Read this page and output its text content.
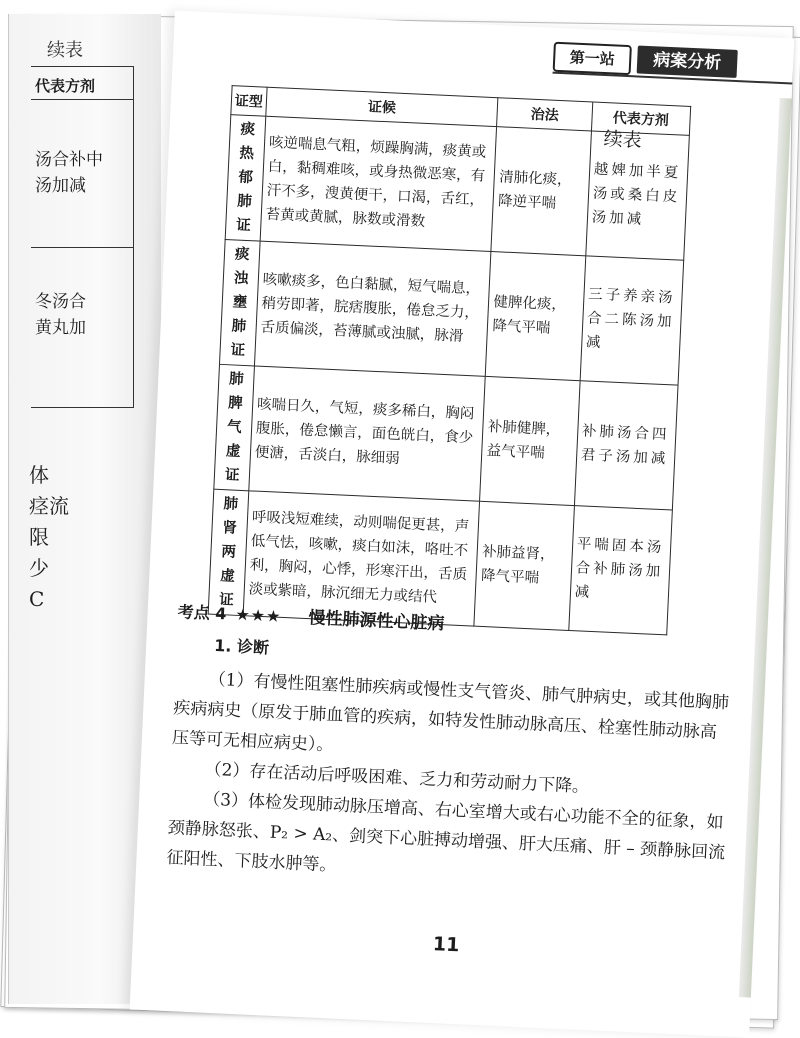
续表
代表方剂
汤合补中
汤加减
冬汤合
黄丸加
体
痉流
限
少
C
第一站	病案分析
续表
证型	证候	治法	代表方剂

痰热郁肺证	咳逆喘息气粗，烦躁胸满，痰黄或白，黏稠难咳，或身热微恶寒，有汗不多，溲黄便干，口渴，舌红，苔黄或黄腻，脉数或滑数	清肺化痰，降逆平喘	越婢加半夏汤或桑白皮汤加减

痰浊壅肺证	咳嗽痰多，色白黏腻，短气喘息，稍劳即著，脘痞腹胀，倦怠乏力，舌质偏淡，苔薄腻或浊腻，脉滑	健脾化痰，降气平喘	三子养亲汤合二陈汤加减

肺脾气虚证	咳喘日久，气短，痰多稀白，胸闷腹胀，倦怠懒言，面色㿠白，食少便溏，舌淡白，脉细弱	补肺健脾，益气平喘	补肺汤合四君子汤加减

肺肾两虚证	呼吸浅短难续，动则喘促更甚，声低气怯，咳嗽，痰白如沫，咯吐不利，胸闷，心悸，形寒汗出，舌质淡或紫暗，脉沉细无力或结代	补肺益肾，降气平喘	平喘固本汤合补肺汤加减
考点 4 ★★★ 慢性肺源性心脏病
1. 诊断

（1）有慢性阻塞性肺疾病或慢性支气管炎、肺气肿病史，或其他胸肺疾病病史（原发于肺血管的疾病，如特发性肺动脉高压、栓塞性肺动脉高压等可无相应病史）。

（2）存在活动后呼吸困难、乏力和劳动耐力下降。

（3）体检发现肺动脉压增高、右心室增大或右心功能不全的征象，如颈静脉怒张、P₂ > A₂、剑突下心脏搏动增强、肝大压痛、肝 – 颈静脉回流征阳性、下肢水肿等。

11
